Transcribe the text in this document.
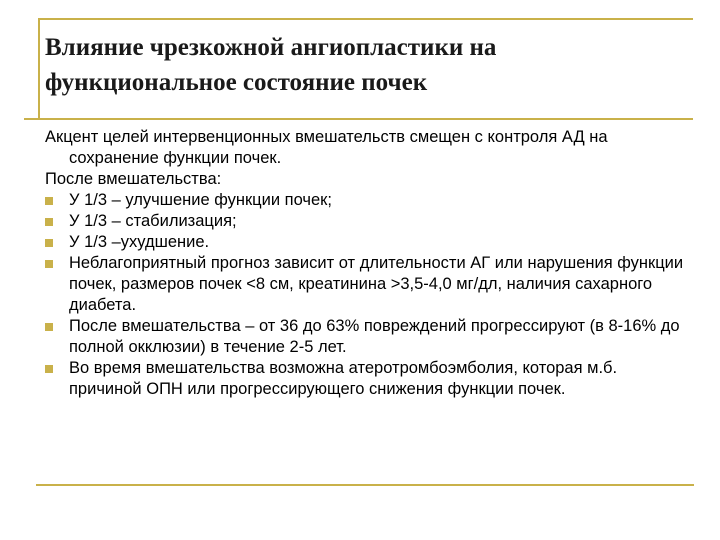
Влияние чрезкожной ангиопластики на функциональное состояние почек

Акцент целей интервенционных вмешательств смещен с контроля АД на сохранение функции почек.

После вмешательства:

У 1/3 – улучшение функции почек;
У 1/3 – стабилизация;
У 1/3 –ухудшение.
Неблагоприятный прогноз зависит от длительности АГ или нарушения функции почек, размеров почек <8 см, креатинина >3,5-4,0 мг/дл, наличия сахарного диабета.
После вмешательства – от 36 до 63% повреждений прогрессируют (в 8-16% до полной окклюзии) в течение 2-5 лет.
Во время вмешательства возможна атеротромбоэмболия, которая м.б. причиной ОПН или прогрессирующего снижения функции почек.
